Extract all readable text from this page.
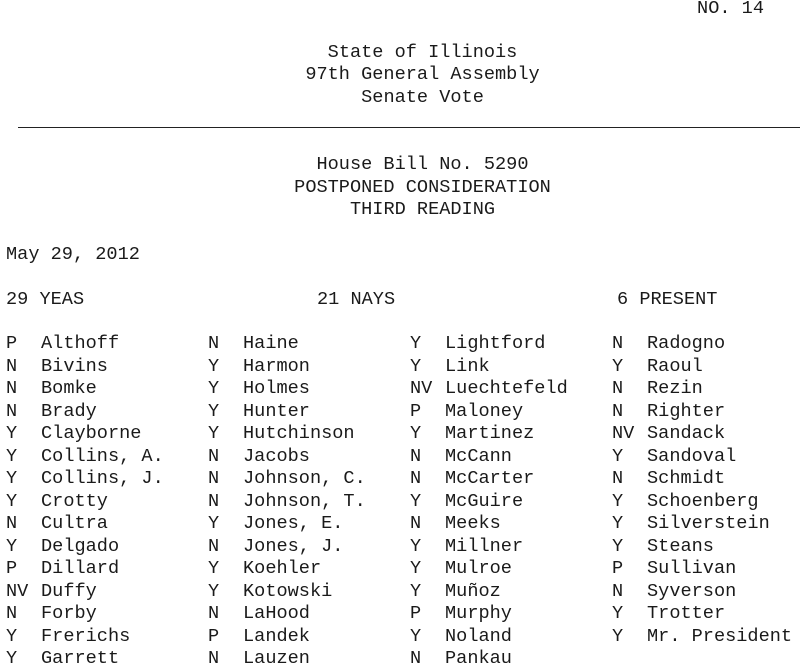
NO. 14
State of Illinois
97th General Assembly
Senate Vote
House Bill No. 5290
POSTPONED CONSIDERATION
THIRD READING
May 29, 2012
29 YEAS	21 NAYS	6 PRESENT
P Althoff
N Bivins
N Bomke
N Brady
Y Clayborne
Y Collins, A.
Y Collins, J.
Y Crotty
N Cultra
Y Delgado
P Dillard
NV Duffy
N Forby
Y Frerichs
Y Garrett
N Haine
Y Harmon
Y Holmes
Y Hunter
Y Hutchinson
N Jacobs
N Johnson, C.
N Johnson, T.
Y Jones, E.
N Jones, J.
Y Koehler
Y Kotowski
N LaHood
P Landek
N Lauzen
Y Lightford
Y Link
NV Luechtefeld
P Maloney
Y Martinez
N McCann
N McCarter
Y McGuire
N Meeks
Y Millner
Y Mulroe
Y Muñoz
P Murphy
Y Noland
N Pankau
N Radogno
Y Raoul
N Rezin
N Righter
NV Sandack
Y Sandoval
N Schmidt
Y Schoenberg
Y Silverstein
Y Steans
P Sullivan
N Syverson
Y Trotter
Y Mr. President
